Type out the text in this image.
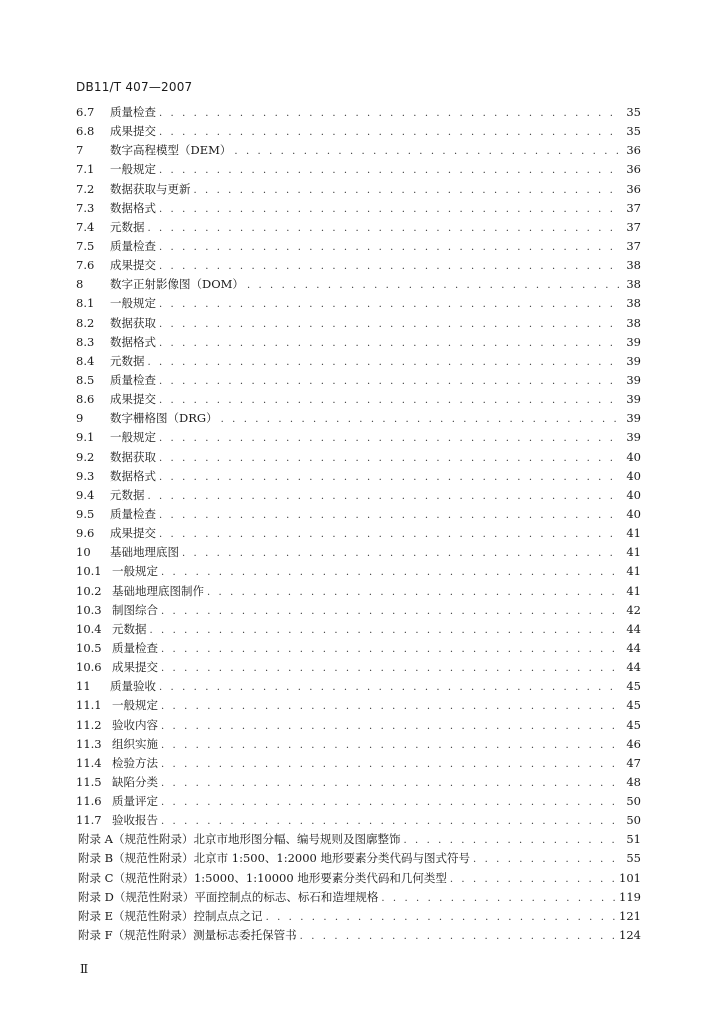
DB11/T 407—2007
6.7	质量检查 . . .	35
6.8	成果提交 . . .	35
7	数字高程模型（DEM） . . .	36
7.1	一般规定 . . .	36
7.2	数据获取与更新 . . .	36
7.3	数据格式 . . .	37
7.4	元数据 . . .	37
7.5	质量检查 . . .	37
7.6	成果提交 . . .	38
8	数字正射影像图（DOM） . . .	38
8.1	一般规定 . . .	38
8.2	数据获取 . . .	38
8.3	数据格式 . . .	39
8.4	元数据 . . .	39
8.5	质量检查 . . .	39
8.6	成果提交 . . .	39
9	数字栅格图（DRG） . . .	39
9.1	一般规定 . . .	39
9.2	数据获取 . . .	40
9.3	数据格式 . . .	40
9.4	元数据 . . .	40
9.5	质量检查 . . .	40
9.6	成果提交 . . .	41
10	基础地理底图 . . .	41
10.1 一般规定 . . .	41
10.2 基础地理底图制作 . . .	41
10.3 制图综合 . . .	42
10.4 元数据 . . .	44
10.5 质量检查 . . .	44
10.6 成果提交 . . .	44
11	质量验收 . . .	45
11.1 一般规定 . . .	45
11.2 验收内容 . . .	45
11.3 组织实施 . . .	46
11.4 检验方法 . . .	47
11.5 缺陷分类 . . .	48
11.6 质量评定 . . .	50
11.7 验收报告 . . .	50
附录 A（规范性附录）北京市地形图分幅、编号规则及图廓整饰 . . .	51
附录 B（规范性附录）北京市 1:500、1:2000 地形要素分类代码与图式符号 . . .	55
附录 C（规范性附录）1:5000、1:10000 地形要素分类代码和几何类型 . . .	101
附录 D（规范性附录）平面控制点的标志、标石和造埋规格 . . .	119
附录 E（规范性附录）控制点点之记 . . .	121
附录 F（规范性附录）测量标志委托保管书 . . .	124
Ⅱ
